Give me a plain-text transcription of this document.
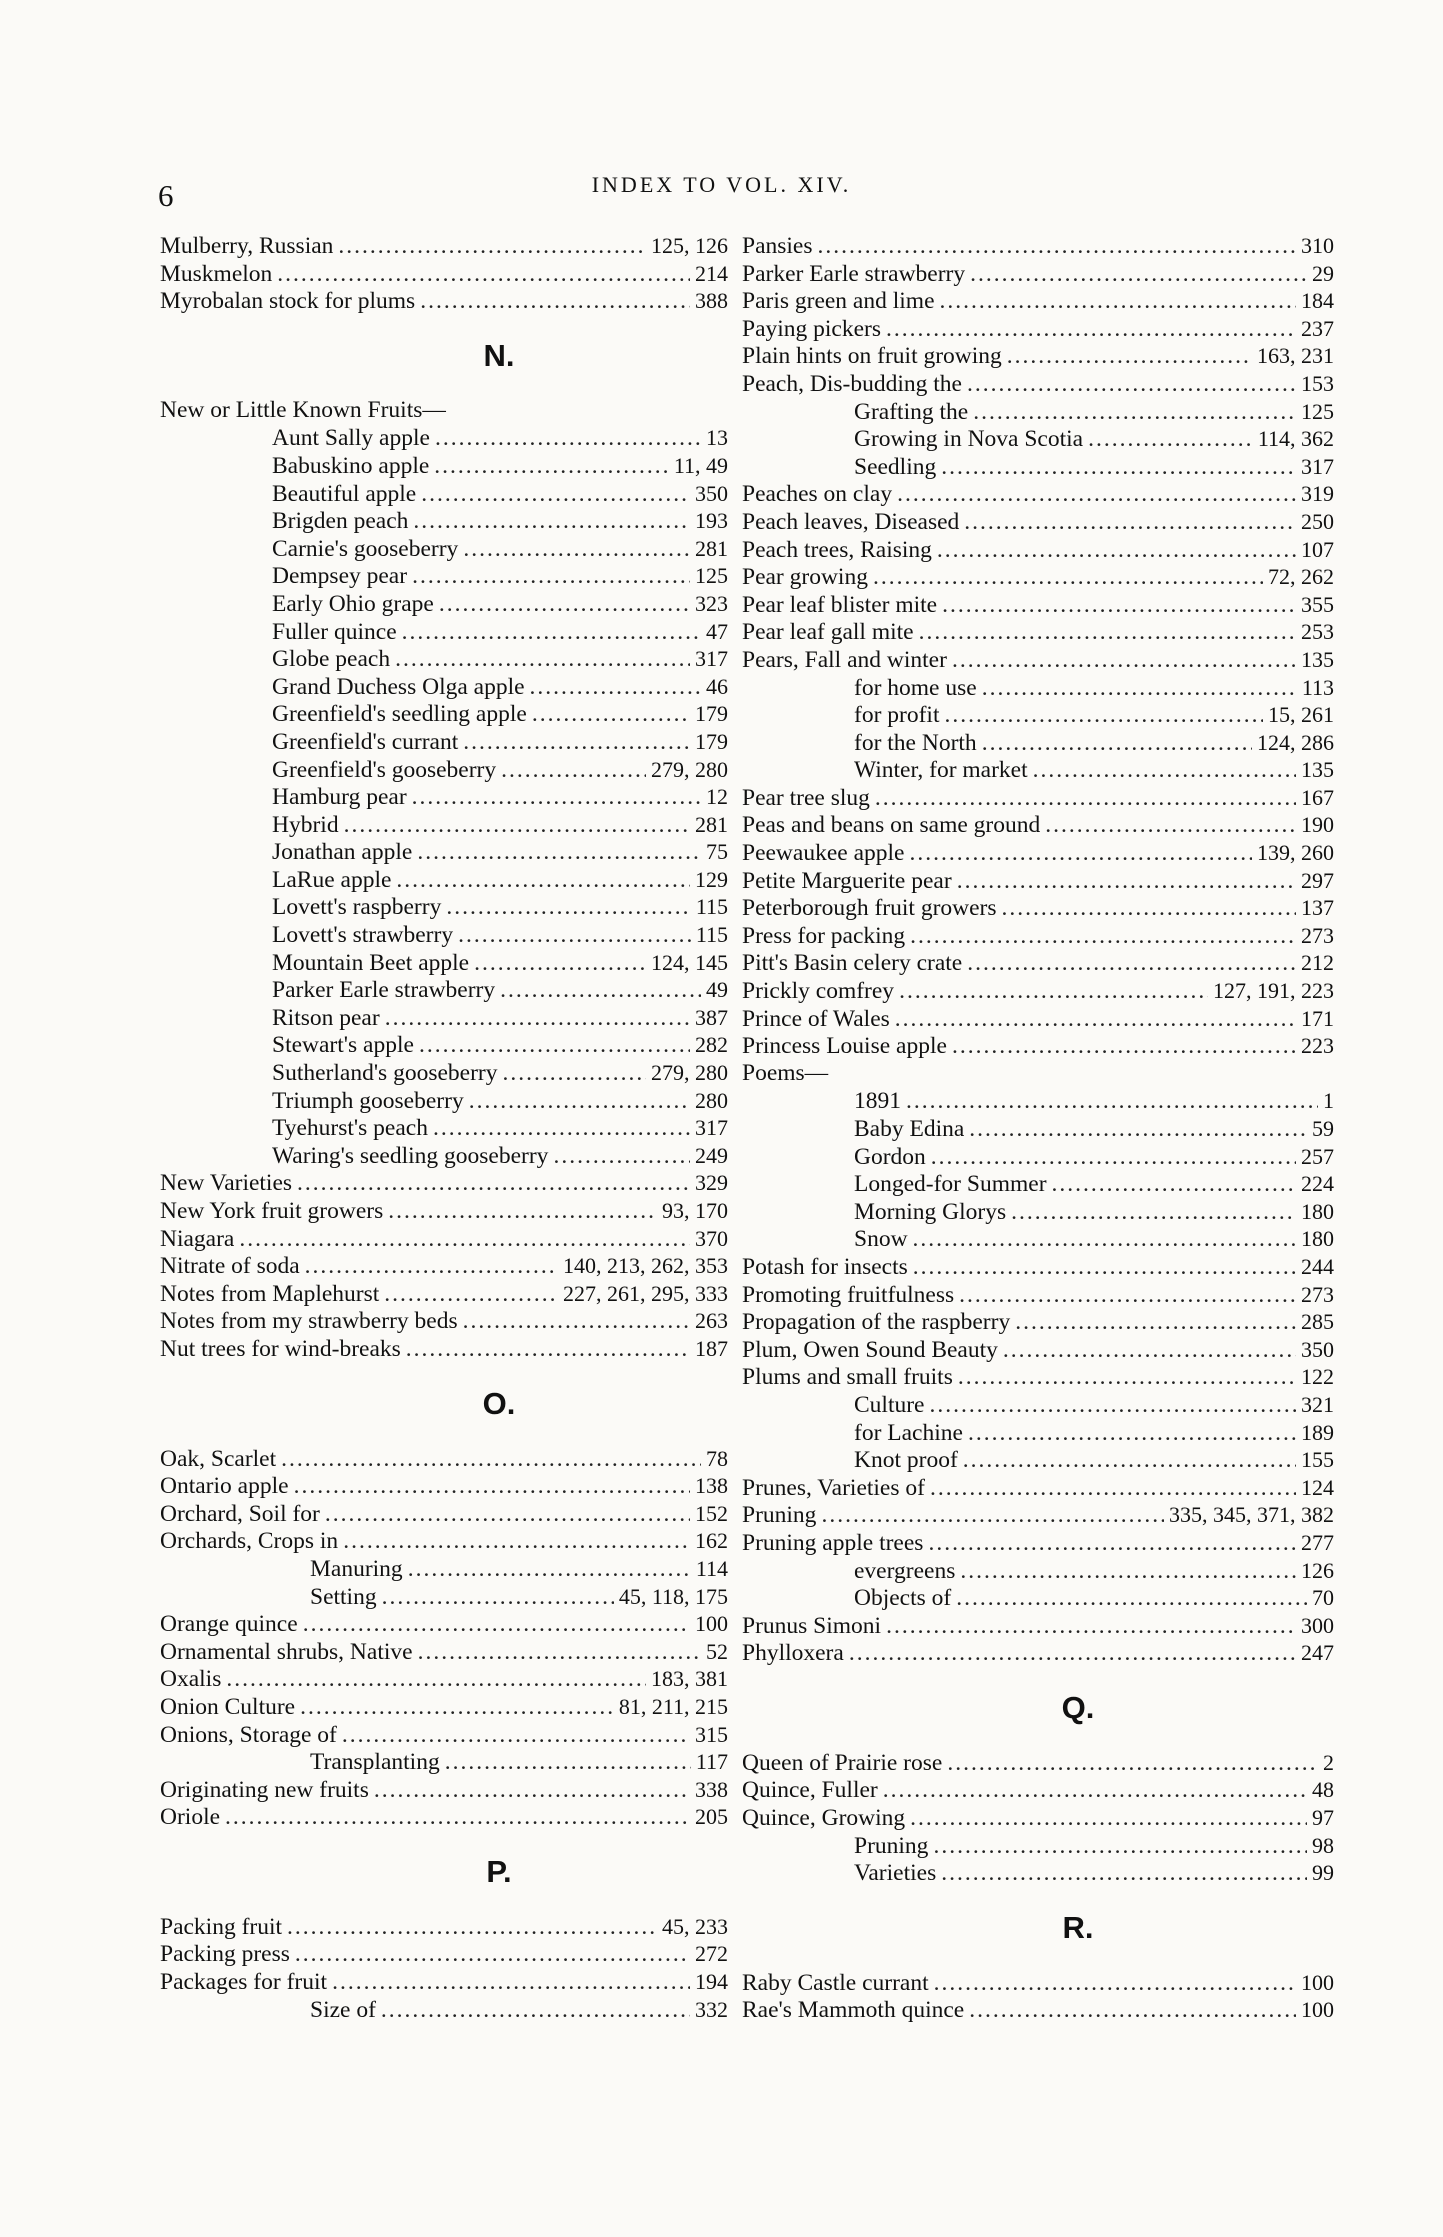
6	INDEX TO VOL. XIV.
Mulberry, Russian .....	125, 126
Muskmelon .....	214
Myrobalan stock for plums .....	388
N.
New or Little Known Fruits—
Aunt Sally apple .....	13
Babuskino apple .....	11, 49
Beautiful apple .....	350
Brigden peach .....	193
Carnie's gooseberry .....	281
Dempsey pear .....	125
Early Ohio grape .....	323
Fuller quince .....	47
Globe peach .....	317
Grand Duchess Olga apple .....	46
Greenfield's seedling apple .....	179
Greenfield's currant .....	179
Greenfield's gooseberry .....	279, 280
Hamburg pear .....	12
Hybrid .....	281
Jonathan apple .....	75
LaRue apple .....	129
Lovett's raspberry .....	115
Lovett's strawberry .....	115
Mountain Beet apple .....	124, 145
Parker Earle strawberry .....	49
Ritson pear .....	387
Stewart's apple .....	282
Sutherland's gooseberry .....	279, 280
Triumph gooseberry .....	280
Tyehurst's peach .....	317
Waring's seedling gooseberry .....	249
New Varieties .....	329
New York fruit growers .....	93, 170
Niagara .....	370
Nitrate of soda .....	140, 213, 262, 353
Notes from Maplehurst .....	227, 261, 295, 333
Notes from my strawberry beds .....	263
Nut trees for wind-breaks .....	187
O.
Oak, Scarlet .....	78
Ontario apple .....	138
Orchard, Soil for .....	152
Orchards, Crops in .....	162
Manuring .....	114
Setting .....	45, 118, 175
Orange quince .....	100
Ornamental shrubs, Native .....	52
Oxalis .....	183, 381
Onion Culture .....	81, 211, 215
Onions, Storage of .....	315
Transplanting .....	117
Originating new fruits .....	338
Oriole .....	205
P.
Packing fruit .....	45, 233
Packing press .....	272
Packages for fruit .....	194
Size of .....	332
Pansies .....	310
Parker Earle strawberry .....	29
Paris green and lime .....	184
Paying pickers .....	237
Plain hints on fruit growing .....	163, 231
Peach, Dis-budding the .....	153
Grafting the .....	125
Growing in Nova Scotia .....	114, 362
Seedling .....	317
Peaches on clay .....	319
Peach leaves, Diseased .....	250
Peach trees, Raising .....	107
Pear growing .....	72, 262
Pear leaf blister mite .....	355
Pear leaf gall mite .....	253
Pears, Fall and winter .....	135
for home use .....	113
for profit .....	15, 261
for the North .....	124, 286
Winter, for market .....	135
Pear tree slug .....	167
Peas and beans on same ground .....	190
Peewaukee apple .....	139, 260
Petite Marguerite pear .....	297
Peterborough fruit growers .....	137
Press for packing .....	273
Pitt's Basin celery crate .....	212
Prickly comfrey .....	127, 191, 223
Prince of Wales .....	171
Princess Louise apple .....	223
Poems—
1891 .....	1
Baby Edina .....	59
Gordon .....	257
Longed-for Summer .....	224
Morning Glorys .....	180
Snow .....	180
Potash for insects .....	244
Promoting fruitfulness .....	273
Propagation of the raspberry .....	285
Plum, Owen Sound Beauty .....	350
Plums and small fruits .....	122
Culture .....	321
for Lachine .....	189
Knot proof .....	155
Prunes, Varieties of .....	124
Pruning .....	335, 345, 371, 382
Pruning apple trees .....	277
evergreens .....	126
Objects of .....	70
Prunus Simoni .....	300
Phylloxera .....	247
Q.
Queen of Prairie rose .....	2
Quince, Fuller .....	48
Quince, Growing .....	97
Pruning .....	98
Varieties .....	99
R.
Raby Castle currant .....	100
Rae's Mammoth quince .....	100
